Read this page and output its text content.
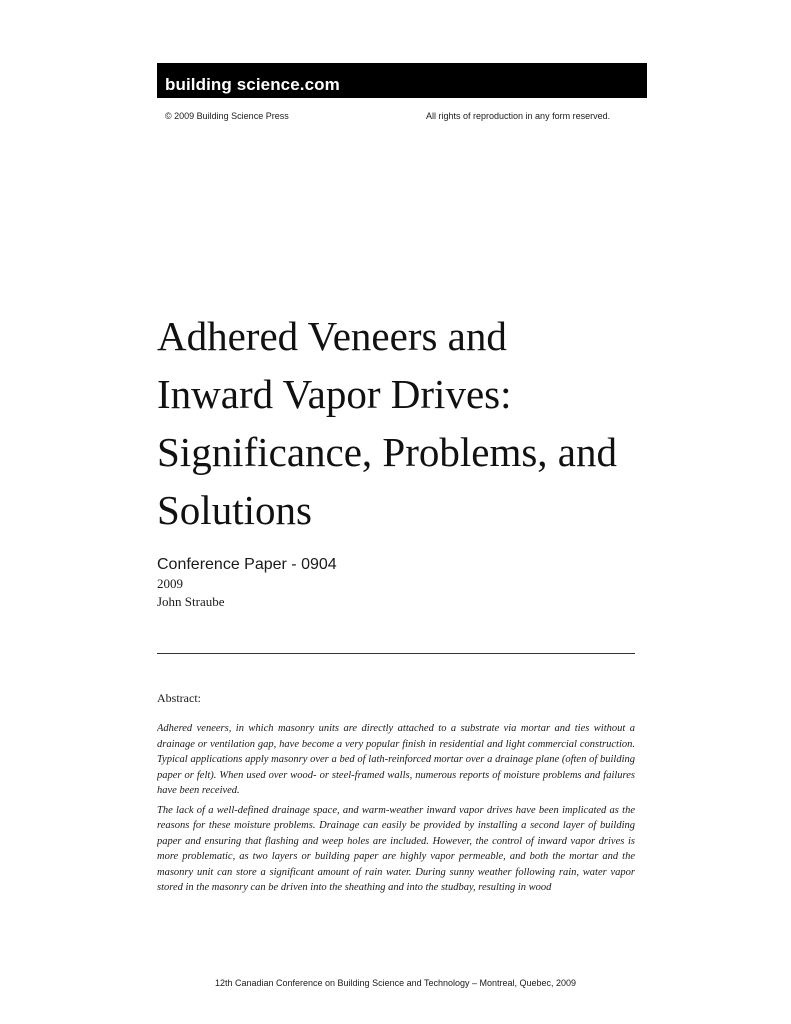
building science.com
© 2009 Building Science Press	All rights of reproduction in any form reserved.
Adhered Veneers and
Inward Vapor Drives:
Significance, Problems, and
Solutions
Conference Paper - 0904
2009
John Straube
Abstract:

Adhered veneers, in which masonry units are directly attached to a substrate via mortar and ties without a drainage or ventilation gap, have become a very popular finish in residential and light commercial construction. Typical applications apply masonry over a bed of lath-reinforced mortar over a drainage plane (often of building paper or felt). When used over wood- or steel-framed walls, numerous reports of moisture problems and failures have been received.

The lack of a well-defined drainage space, and warm-weather inward vapor drives have been implicated as the reasons for these moisture problems. Drainage can easily be provided by installing a second layer of building paper and ensuring that flashing and weep holes are included. However, the control of inward vapor drives is more problematic, as two layers or building paper are highly vapor permeable, and both the mortar and the masonry unit can store a significant amount of rain water. During sunny weather following rain, water vapor stored in the masonry can be driven into the sheathing and into the studbay, resulting in wood

12th Canadian Conference on Building Science and Technology – Montreal, Quebec, 2009
